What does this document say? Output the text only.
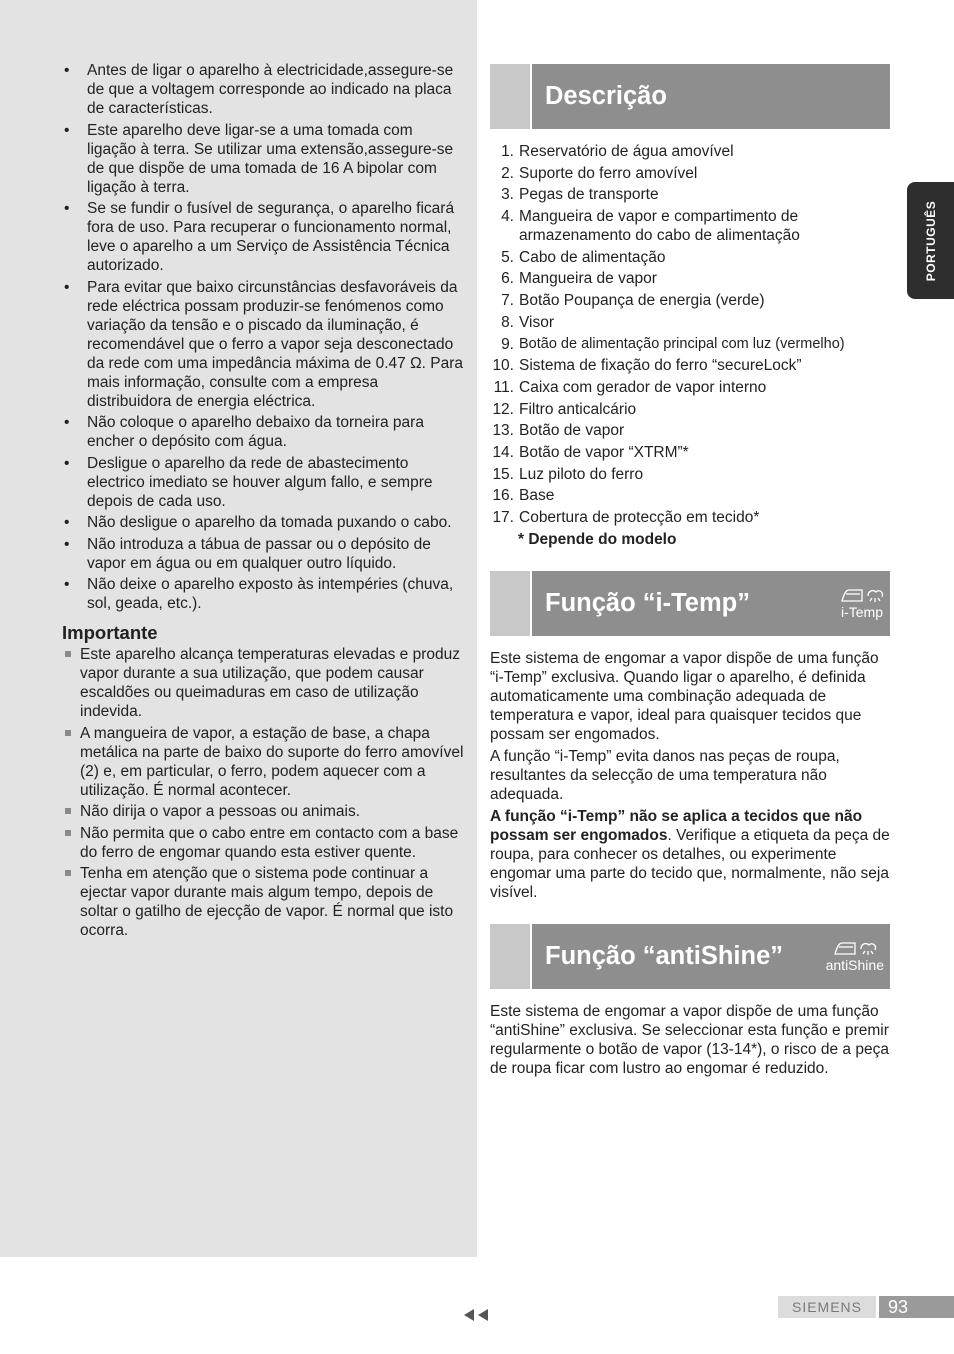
• Antes de ligar o aparelho à electricidade,assegure-se de que a voltagem corresponde ao indicado na placa de características.
• Este aparelho deve ligar-se a uma tomada com ligação à terra. Se utilizar uma extensão,assegure-se de que dispõe de uma tomada de 16 A bipolar com ligação à terra.
• Se se fundir o fusível de segurança, o aparelho ficará fora de uso. Para recuperar o funcionamento normal, leve o aparelho a um Serviço de Assistência Técnica autorizado.
• Para evitar que baixo circunstâncias desfavoráveis da rede eléctrica possam produzir-se fenómenos como variação da tensão e o piscado da iluminação, é recomendável que o ferro a vapor seja desconectado da rede com uma impedância máxima de 0.47 Ω. Para mais informação, consulte com a empresa distribuidora de energia eléctrica.
• Não coloque o aparelho debaixo da torneira para encher o depósito com água.
• Desligue o aparelho da rede de abastecimento electrico imediato se houver algum fallo, e sempre depois de cada uso.
• Não desligue o aparelho da tomada puxando o cabo.
• Não introduza a tábua de passar ou o depósito de vapor em água ou em qualquer outro líquido.
• Não deixe o aparelho exposto às intempéries (chuva, sol, geada, etc.).
Importante
Este aparelho alcança temperaturas elevadas e produz vapor durante a sua utilização, que podem causar escaldões ou queimaduras em caso de utilização indevida.
A mangueira de vapor, a estação de base, a chapa metálica na parte de baixo do suporte do ferro amovível (2) e, em particular, o ferro, podem aquecer com a utilização. É normal acontecer.
Não dirija o vapor a pessoas ou animais.
Não permita que o cabo entre em contacto com a base do ferro de engomar quando esta estiver quente.
Tenha em atenção que o sistema pode continuar a ejectar vapor durante mais algum tempo, depois de soltar o gatilho de ejecção de vapor. É normal que isto ocorra.
Descrição
1. Reservatório de água amovível
2. Suporte do ferro amovível
3. Pegas de transporte
4. Mangueira de vapor e compartimento de armazenamento do cabo de alimentação
5. Cabo de alimentação
6. Mangueira de vapor
7. Botão Poupança de energia (verde)
8. Visor
9. Botão de alimentação principal com luz (vermelho)
10. Sistema de fixação do ferro “secureLock”
11. Caixa com gerador de vapor interno
12. Filtro anticalcário
13. Botão de vapor
14. Botão de vapor “XTRM”*
15. Luz piloto do ferro
16. Base
17. Cobertura de protecção em tecido*
* Depende do modelo
Função “i-Temp”	i-Temp

Este sistema de engomar a vapor dispõe de uma função “i-Temp” exclusiva. Quando ligar o aparelho, é definida automaticamente uma combinação adequada de temperatura e vapor, ideal para quaisquer tecidos que possam ser engomados.

A função “i-Temp” evita danos nas peças de roupa, resultantes da selecção de uma temperatura não adequada.

A função “i-Temp” não se aplica a tecidos que não possam ser engomados. Verifique a etiqueta da peça de roupa, para conhecer os detalhes, ou experimente engomar uma parte do tecido que, normalmente, não seja visível.

Função “antiShine”	antiShine

Este sistema de engomar a vapor dispõe de uma função “antiShine” exclusiva. Se seleccionar esta função e premir regularmente o botão de vapor (13-14*), o risco de a peça de roupa ficar com lustro ao engomar é reduzido.

PORTUGUÊS
SIEMENS	93
